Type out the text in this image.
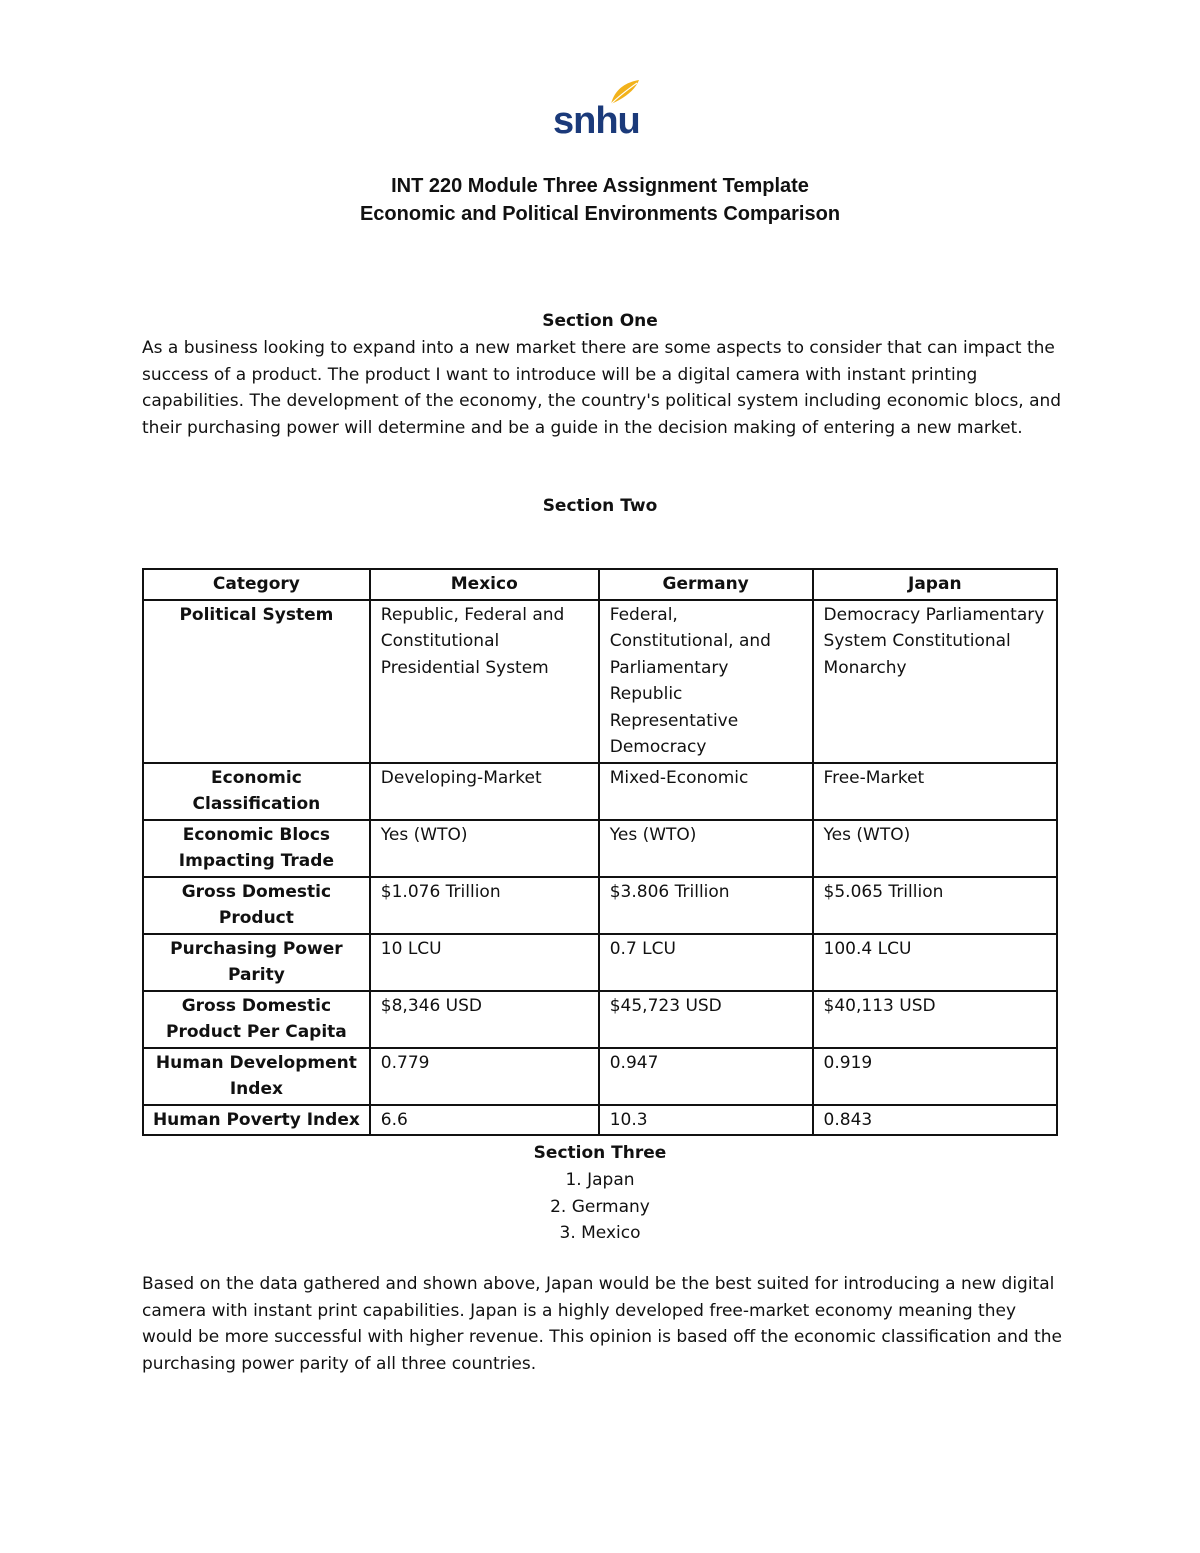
snhu
INT 220 Module Three Assignment Template
Economic and Political Environments Comparison
Section One
As a business looking to expand into a new market there are some aspects to consider that can impact the success of a product. The product I want to introduce will be a digital camera with instant printing capabilities. The development of the economy, the country's political system including economic blocs, and their purchasing power will determine and be a guide in the decision making of entering a new market.
Section Two
Category	Mexico	Germany	Japan
Political System	Republic, Federal and Constitutional Presidential System	Federal, Constitutional, and Parliamentary Republic Representative Democracy	Democracy Parliamentary System Constitutional Monarchy
Economic Classification	Developing-Market	Mixed-Economic	Free-Market
Economic Blocs Impacting Trade	Yes (WTO)	Yes (WTO)	Yes (WTO)
Gross Domestic Product	$1.076 Trillion	$3.806 Trillion	$5.065 Trillion
Purchasing Power Parity	10 LCU	0.7 LCU	100.4 LCU
Gross Domestic Product Per Capita	$8,346 USD	$45,723 USD	$40,113 USD
Human Development Index	0.779	0.947	0.919
Human Poverty Index	6.6	10.3	0.843
Section Three
1. Japan
2. Germany
3. Mexico
Based on the data gathered and shown above, Japan would be the best suited for introducing a new digital camera with instant print capabilities. Japan is a highly developed free-market economy meaning they would be more successful with higher revenue. This opinion is based off the economic classification and the purchasing power parity of all three countries.
